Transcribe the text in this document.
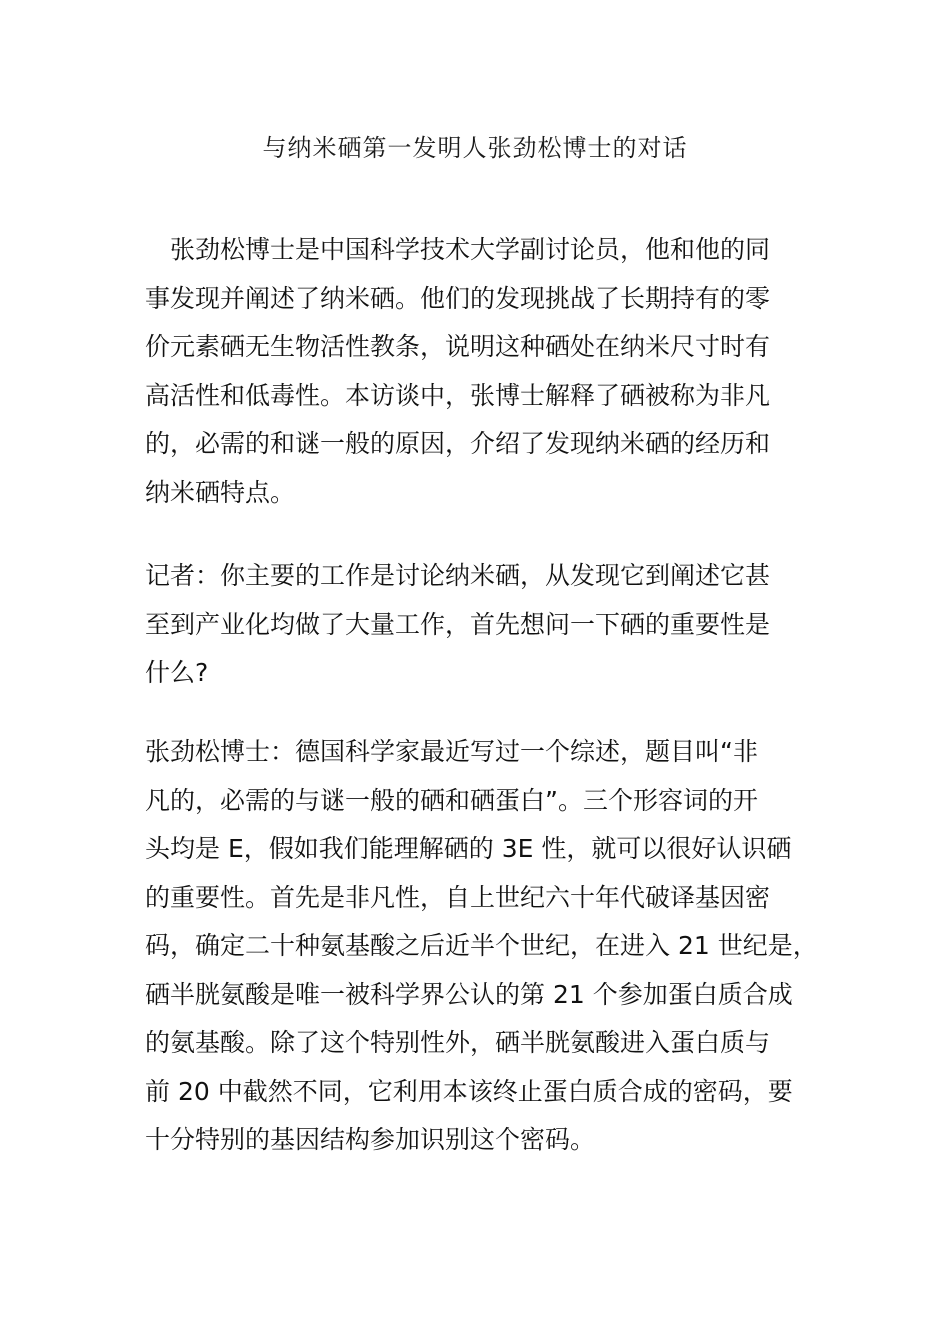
与纳米硒第一发明人张劲松博士的对话
　张劲松博士是中国科学技术大学副讨论员，他和他的同
事发现并阐述了纳米硒。他们的发现挑战了长期持有的零
价元素硒无生物活性教条，说明这种硒处在纳米尺寸时有
高活性和低毒性。本访谈中，张博士解释了硒被称为非凡
的，必需的和谜一般的原因，介绍了发现纳米硒的经历和
纳米硒特点。
记者：你主要的工作是讨论纳米硒，从发现它到阐述它甚
至到产业化均做了大量工作，首先想问一下硒的重要性是
什么?
张劲松博士：德国科学家最近写过一个综述，题目叫“非
凡的，必需的与谜一般的硒和硒蛋白”。三个形容词的开
头均是 E，假如我们能理解硒的 3E 性，就可以很好认识硒
的重要性。首先是非凡性，自上世纪六十年代破译基因密
码，确定二十种氨基酸之后近半个世纪，在进入 21 世纪是，
硒半胱氨酸是唯一被科学界公认的第 21 个参加蛋白质合成
的氨基酸。除了这个特别性外，硒半胱氨酸进入蛋白质与
前 20 中截然不同，它利用本该终止蛋白质合成的密码，要
十分特别的基因结构参加识别这个密码。
